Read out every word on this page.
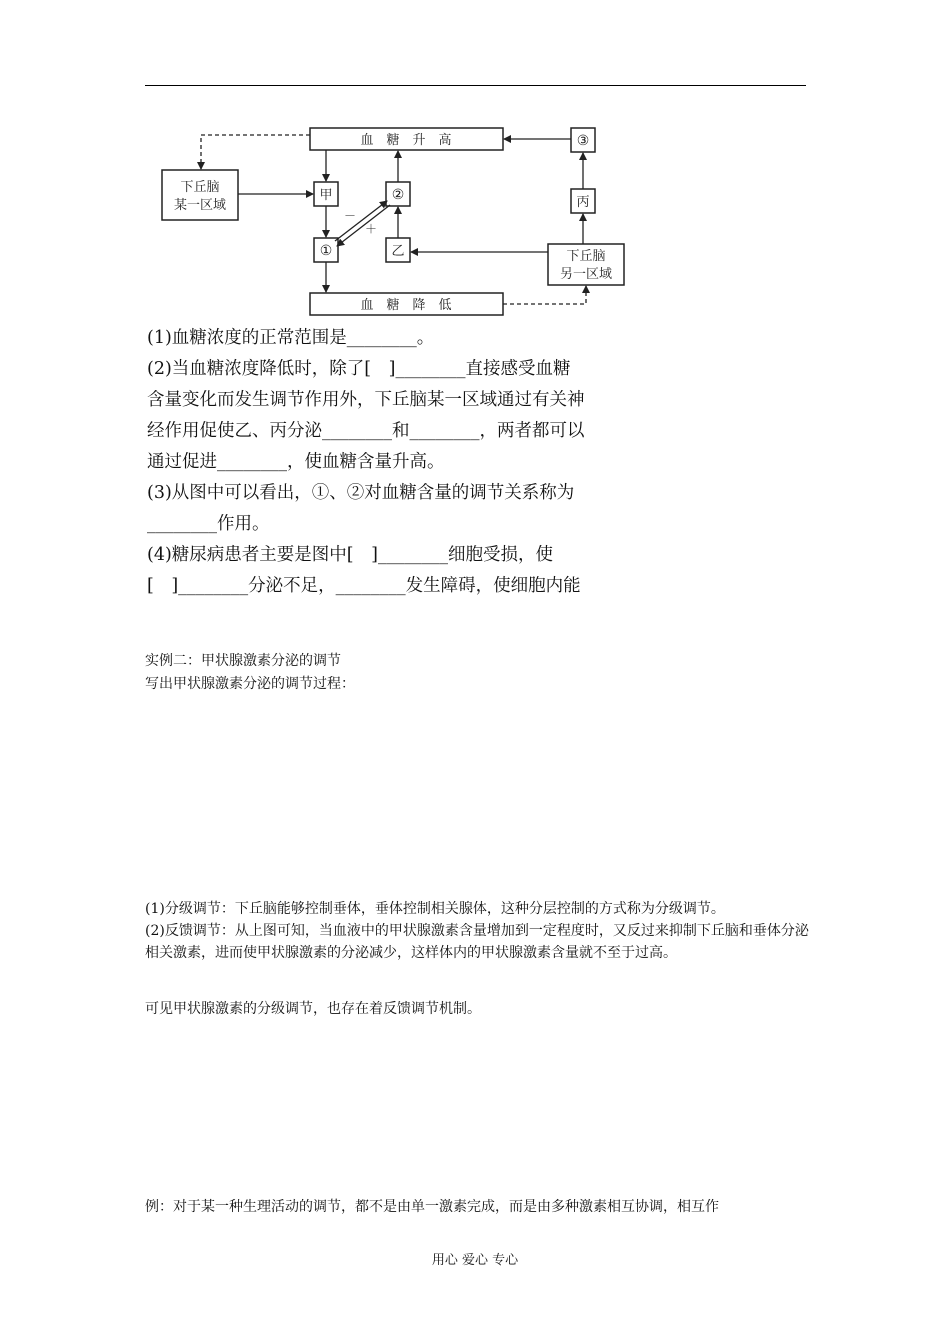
血　糖　升　高
血　糖　降　低
下丘脑
某一区域
下丘脑
另一区域
甲	②
①	乙
丙
③
－
＋
(1)血糖浓度的正常范围是________。
(2)当血糖浓度降低时，除了[　]________直接感受血糖
含量变化而发生调节作用外，下丘脑某一区域通过有关神
经作用促使乙、丙分泌________和________，两者都可以
通过促进________，使血糖含量升高。
(3)从图中可以看出，①、②对血糖含量的调节关系称为
________作用。
(4)糖尿病患者主要是图中[　]________细胞受损，使
[　]________分泌不足，________发生障碍，使细胞内能
实例二：甲状腺激素分泌的调节
写出甲状腺激素分泌的调节过程：
(1)分级调节：下丘脑能够控制垂体，垂体控制相关腺体，这种分层控制的方式称为分级调节。
(2)反馈调节：从上图可知，当血液中的甲状腺激素含量增加到一定程度时，又反过来抑制下丘脑和垂体分泌相关激素，进而使甲状腺激素的分泌减少，这样体内的甲状腺激素含量就不至于过高。
可见甲状腺激素的分级调节，也存在着反馈调节机制。
例：对于某一种生理活动的调节，都不是由单一激素完成，而是由多种激素相互协调，相互作
用心 爱心 专心
